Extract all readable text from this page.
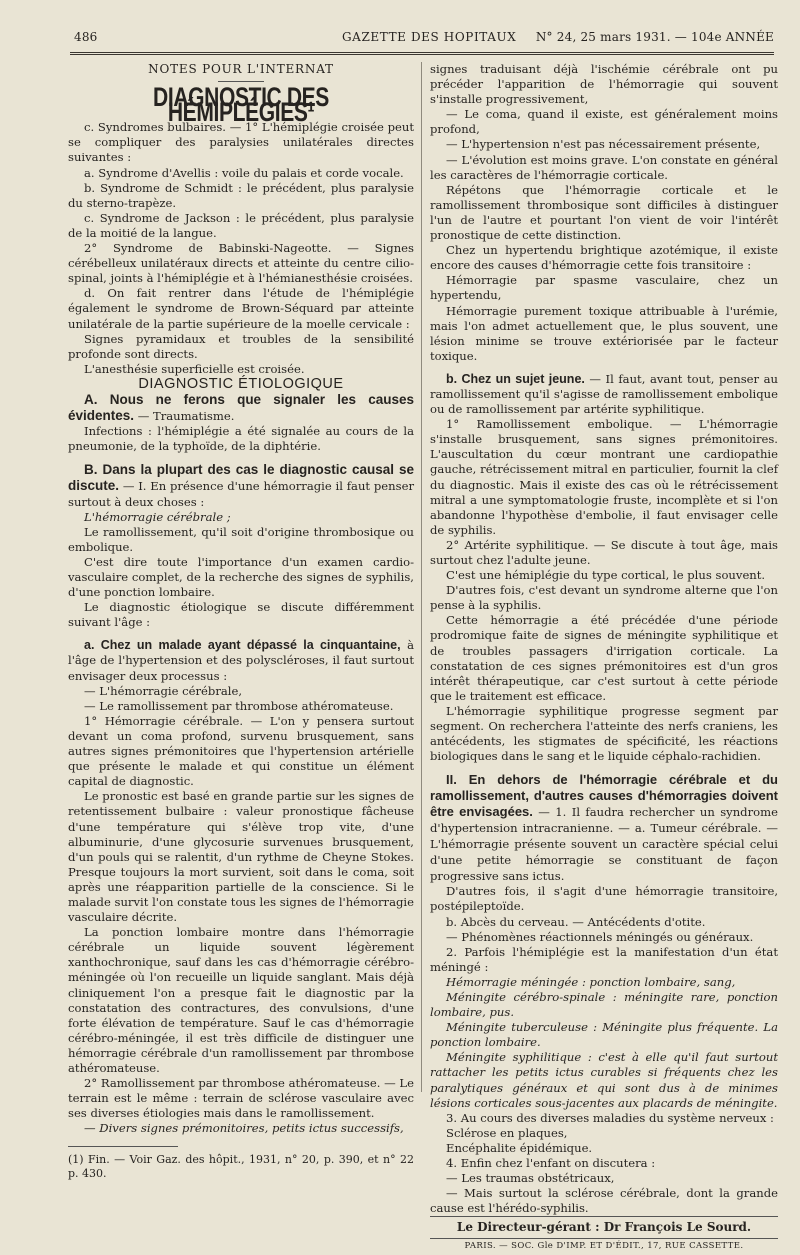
486	GAZETTE DES HOPITAUX N° 24, 25 mars 1931. — 104e ANNÉE

NOTES POUR L'INTERNAT

DIAGNOSTIC DES HÉMIPLÉGIES¹

c. Syndromes bulbaires. — 1° L'hémiplégie croisée peut se compliquer des paralysies unilatérales directes suivantes :

a. Syndrome d'Avellis : voile du palais et corde vocale.

b. Syndrome de Schmidt : le précédent, plus paralysie du sterno-trapèze.

c. Syndrome de Jackson : le précédent, plus paralysie de la moitié de la langue.

2° Syndrome de Babinski-Nageotte. — Signes cérébelleux unilatéraux directs et atteinte du centre cilio-spinal, joints à l'hémiplégie et à l'hémianesthésie croisées.

d. On fait rentrer dans l'étude de l'hémiplégie également le syndrome de Brown-Séquard par atteinte unilatérale de la partie supérieure de la moelle cervicale :

Signes pyramidaux et troubles de la sensibilité profonde sont directs.

L'anesthésie superficielle est croisée.

DIAGNOSTIC ÉTIOLOGIQUE

A. Nous ne ferons que signaler les causes évidentes. — Traumatisme.

Infections : l'hémiplégie a été signalée au cours de la pneumonie, de la typhoïde, de la diphtérie.

B. Dans la plupart des cas le diagnostic causal se discute. — I. En présence d'une hémorragie il faut penser surtout à deux choses :

L'hémorragie cérébrale ;

Le ramollissement, qu'il soit d'origine thrombosique ou embolique.

C'est dire toute l'importance d'un examen cardio-vasculaire complet, de la recherche des signes de syphilis, d'une ponction lombaire.

Le diagnostic étiologique se discute différemment suivant l'âge :

a. Chez un malade ayant dépassé la cinquantaine, à l'âge de l'hypertension et des polyscléroses, il faut surtout envisager deux processus :

— L'hémorragie cérébrale,

— Le ramollissement par thrombose athéromateuse.

1° Hémorragie cérébrale. — L'on y pensera surtout devant un coma profond, survenu brusquement, sans autres signes prémonitoires que l'hypertension artérielle que présente le malade et qui constitue un élément capital de diagnostic.

Le pronostic est basé en grande partie sur les signes de retentissement bulbaire : valeur pronostique fâcheuse d'une température qui s'élève trop vite, d'une albuminurie, d'une glycosurie survenues brusquement, d'un pouls qui se ralentit, d'un rythme de Cheyne Stokes. Presque toujours la mort survient, soit dans le coma, soit après une réapparition partielle de la conscience. Si le malade survit l'on constate tous les signes de l'hémorragie vasculaire décrite.

La ponction lombaire montre dans l'hémorragie cérébrale un liquide souvent légèrement xanthochronique, sauf dans les cas d'hémorragie cérébro-méningée où l'on recueille un liquide sanglant. Mais déjà cliniquement l'on a presque fait le diagnostic par la constatation des contractures, des convulsions, d'une forte élévation de température. Sauf le cas d'hémorragie cérébro-méningée, il est très difficile de distinguer une hémorragie cérébrale d'un ramollissement par thrombose athéromateuse.

2° Ramollissement par thrombose athéromateuse. — Le terrain est le même : terrain de sclérose vasculaire avec ses diverses étiologies mais dans le ramollissement.

— Divers signes prémonitoires, petits ictus successifs,

(1) Fin. — Voir Gaz. des hôpit., 1931, n° 20, p. 390, et n° 22 p. 430.

signes traduisant déjà l'ischémie cérébrale ont pu précéder l'apparition de l'hémorragie qui souvent s'installe progressivement,

— Le coma, quand il existe, est généralement moins profond,

— L'hypertension n'est pas nécessairement présente,

— L'évolution est moins grave. L'on constate en général les caractères de l'hémorragie corticale.

Répétons que l'hémorragie corticale et le ramollissement thrombosique sont difficiles à distinguer l'un de l'autre et pourtant l'on vient de voir l'intérêt pronostique de cette distinction.

Chez un hypertendu brightique azotémique, il existe encore des causes d'hémorragie cette fois transitoire :

Hémorragie par spasme vasculaire, chez un hypertendu,

Hémorragie purement toxique attribuable à l'urémie, mais l'on admet actuellement que, le plus souvent, une lésion minime se trouve extériorisée par le facteur toxique.

b. Chez un sujet jeune. — Il faut, avant tout, penser au ramollissement qu'il s'agisse de ramollissement embolique ou de ramollissement par artérite syphilitique.

1° Ramollissement embolique. — L'hémorragie s'installe brusquement, sans signes prémonitoires. L'auscultation du cœur montrant une cardiopathie gauche, rétrécissement mitral en particulier, fournit la clef du diagnostic. Mais il existe des cas où le rétrécissement mitral a une symptomatologie fruste, incomplète et si l'on abandonne l'hypothèse d'embolie, il faut envisager celle de syphilis.

2° Artérite syphilitique. — Se discute à tout âge, mais surtout chez l'adulte jeune.

C'est une hémiplégie du type cortical, le plus souvent.

D'autres fois, c'est devant un syndrome alterne que l'on pense à la syphilis.

Cette hémorragie a été précédée d'une période prodromique faite de signes de méningite syphilitique et de troubles passagers d'irrigation corticale. La constatation de ces signes prémonitoires est d'un gros intérêt thérapeutique, car c'est surtout à cette période que le traitement est efficace.

L'hémorragie syphilitique progresse segment par segment. On recherchera l'atteinte des nerfs craniens, les antécédents, les stigmates de spécificité, les réactions biologiques dans le sang et le liquide céphalo-rachidien.

II. En dehors de l'hémorragie cérébrale et du ramollissement, d'autres causes d'hémorragies doivent être envisagées. — 1. Il faudra rechercher un syndrome d'hypertension intracranienne. — a. Tumeur cérébrale. — L'hémorragie présente souvent un caractère spécial celui d'une petite hémorragie se constituant de façon progressive sans ictus.

D'autres fois, il s'agit d'une hémorragie transitoire, postépileptoïde.

b. Abcès du cerveau. — Antécédents d'otite.

— Phénomènes réactionnels méningés ou généraux.

2. Parfois l'hémiplégie est la manifestation d'un état méningé :

Hémorragie méningée : ponction lombaire, sang,

Méningite cérébro-spinale : méningite rare, ponction lombaire, pus.

Méningite tuberculeuse : Méningite plus fréquente. La ponction lombaire.

Méningite syphilitique : c'est à elle qu'il faut surtout rattacher les petits ictus curables si fréquents chez les paralytiques généraux et qui sont dus à de minimes lésions corticales sous-jacentes aux placards de méningite.

3. Au cours des diverses maladies du système nerveux :

Sclérose en plaques,

Encéphalite épidémique.

4. Enfin chez l'enfant on discutera :

— Les traumas obstétricaux,

— Mais surtout la sclérose cérébrale, dont la grande cause est l'hérédo-syphilis.

Le Directeur-gérant : Dr François Le Sourd.

PARIS. — SOC. Gle D'IMP. ET D'ÉDIT., 17, RUE CASSETTE.
